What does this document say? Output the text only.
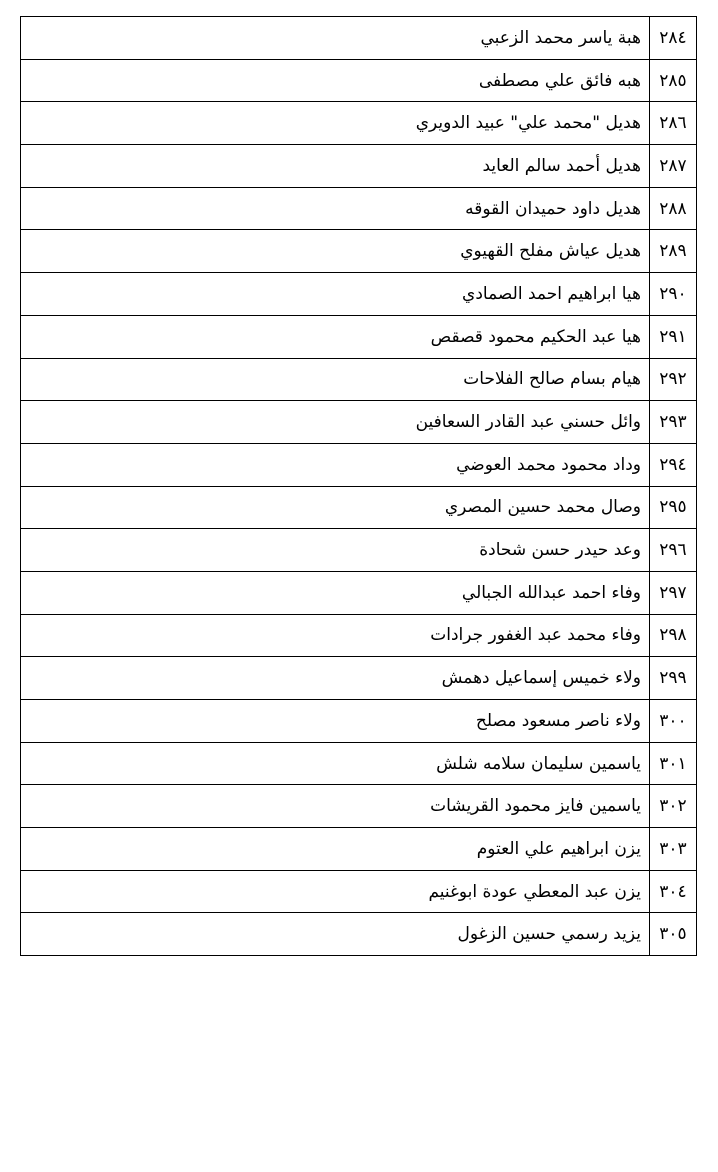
٢٨٤	هبة ياسر محمد الزعبي
٢٨٥	هبه فائق علي مصطفى
٢٨٦	هديل "محمد علي" عبيد الدويري
٢٨٧	هديل أحمد سالم العايد
٢٨٨	هديل داود حميدان القوقه
٢٨٩	هديل عياش مفلح القهيوي
٢٩٠	هيا ابراهيم احمد الصمادي
٢٩١	هيا عبد الحكيم محمود قصقص
٢٩٢	هيام بسام صالح الفلاحات
٢٩٣	وائل حسني عبد القادر السعافين
٢٩٤	وداد محمود محمد العوضي
٢٩٥	وصال محمد حسين المصري
٢٩٦	وعد حيدر حسن شحادة
٢٩٧	وفاء احمد عبدالله الجبالي
٢٩٨	وفاء محمد عبد الغفور جرادات
٢٩٩	ولاء خميس إسماعيل دهمش
٣٠٠	ولاء ناصر مسعود مصلح
٣٠١	ياسمين سليمان سلامه شلش
٣٠٢	ياسمين فايز محمود القريشات
٣٠٣	يزن ابراهيم علي العتوم
٣٠٤	يزن عبد المعطي عودة ابوغنيم
٣٠٥	يزيد رسمي حسين الزغول
